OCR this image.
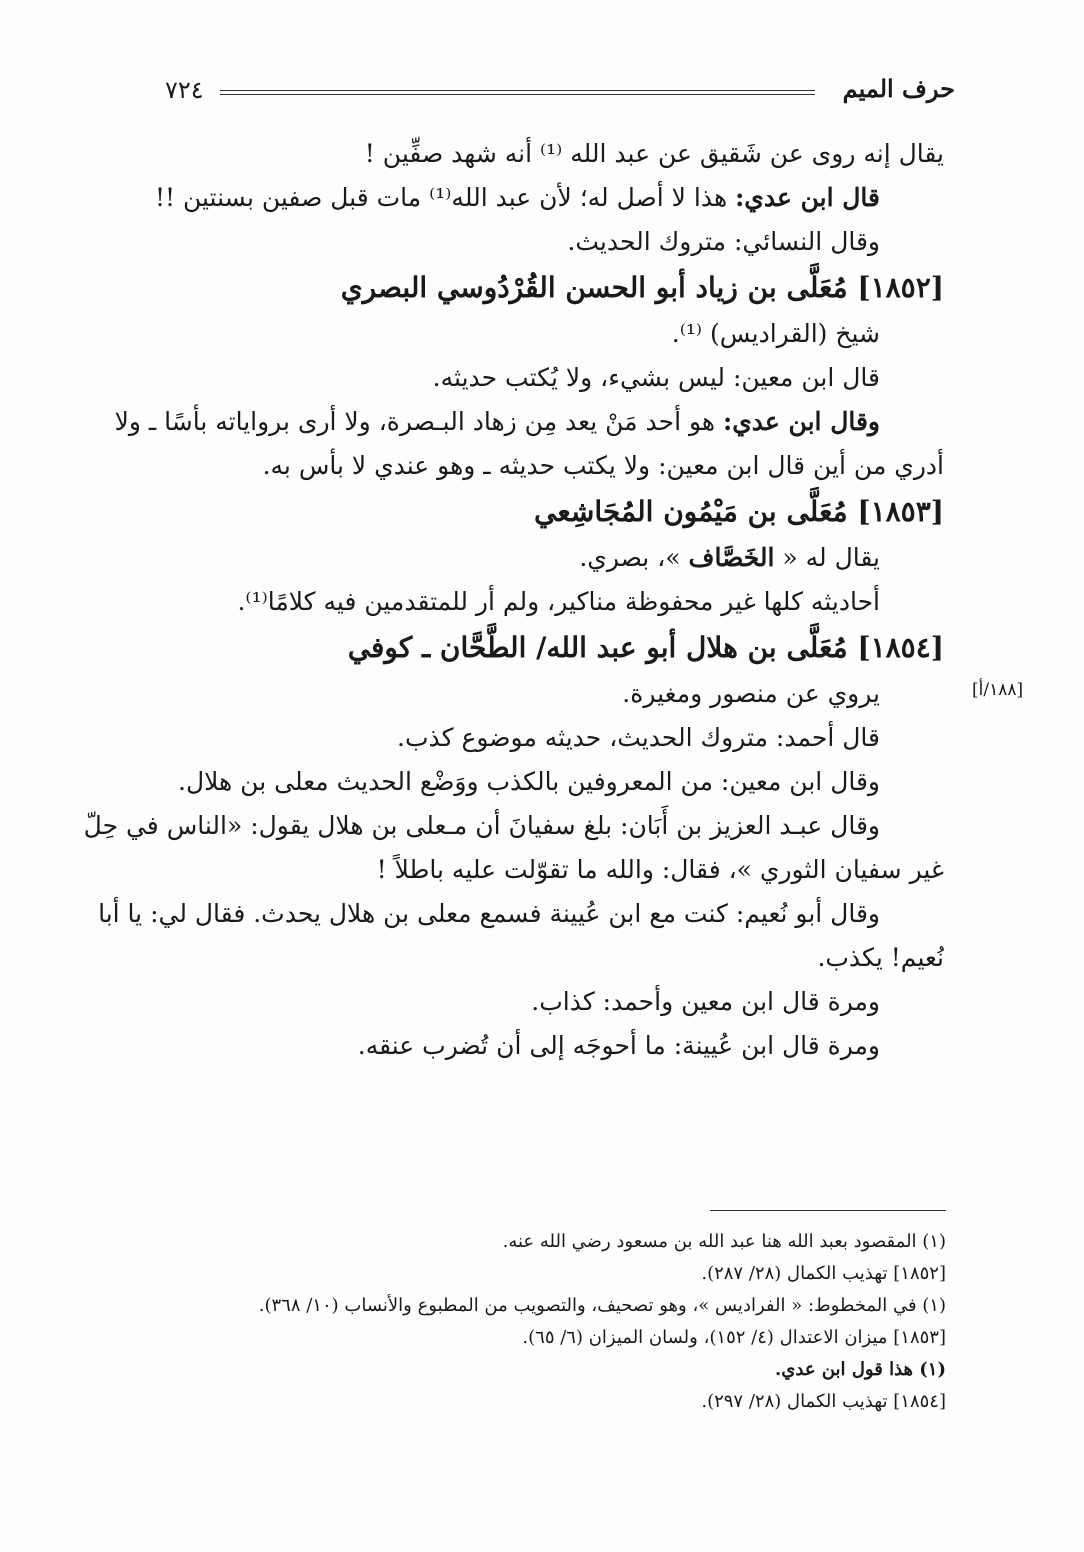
٧٢٤	حرف الميم
يقال إنه روى عن شَقيق عن عبد الله ⁽¹⁾ أنه شهد صفِّين !
قال ابن عدي: هذا لا أصل له؛ لأن عبد الله⁽¹⁾ مات قبل صفين بسنتين !!
وقال النسائي: متروك الحديث.
[١٨٥٢] مُعَلَّى بن زياد أبو الحسن القُرْدُوسي البصري
شيخ (القراديس) ⁽¹⁾.
قال ابن معين: ليس بشيء، ولا يُكتب حديثه.
وقال ابن عدي: هو أحد مَنْ يعد مِن زهاد البـصرة، ولا أرى برواياته بأسًا ـ ولا
أدري من أين قال ابن معين: ولا يكتب حديثه ـ وهو عندي لا بأس به.
[١٨٥٣] مُعَلَّى بن مَيْمُون المُجَاشِعي
يقال له « الخَصَّاف »، بصري.
أحاديثه كلها غير محفوظة مناكير، ولم أر للمتقدمين فيه كلامًا⁽¹⁾.
[١٨٥٤] مُعَلَّى بن هلال أبو عبد الله/ الطَّحَّان ـ كوفي
يروي عن منصور ومغيرة.
قال أحمد: متروك الحديث، حديثه موضوع كذب.
وقال ابن معين: من المعروفين بالكذب ووَضْع الحديث معلى بن هلال.
وقال عبـد العزيز بن أَبَان: بلغ سفيانَ أن مـعلى بن هلال يقول: «الناس في حِلّ
غير سفيان الثوري »، فقال: والله ما تقوّلت عليه باطلاً !
وقال أبو نُعيم: كنت مع ابن عُيينة فسمع معلى بن هلال يحدث. فقال لي: يا أبا
نُعيم! يكذب.
ومرة قال ابن معين وأحمد: كذاب.
ومرة قال ابن عُيينة: ما أحوجَه إلى أن تُضرب عنقه.
[١٨٨/أ]
(١) المقصود بعبد الله هنا عبد الله بن مسعود رضي الله عنه.
[١٨٥٢] تهذيب الكمال (٢٨/ ٢٨٧).
(١) في المخطوط: « الفراديس »، وهو تصحيف، والتصويب من المطبوع والأنساب (١٠/ ٣٦٨).
[١٨٥٣] ميزان الاعتدال (٤/ ١٥٢)، ولسان الميزان (٦/ ٦٥).
(١) هذا قول ابن عدي.
[١٨٥٤] تهذيب الكمال (٢٨/ ٢٩٧).
